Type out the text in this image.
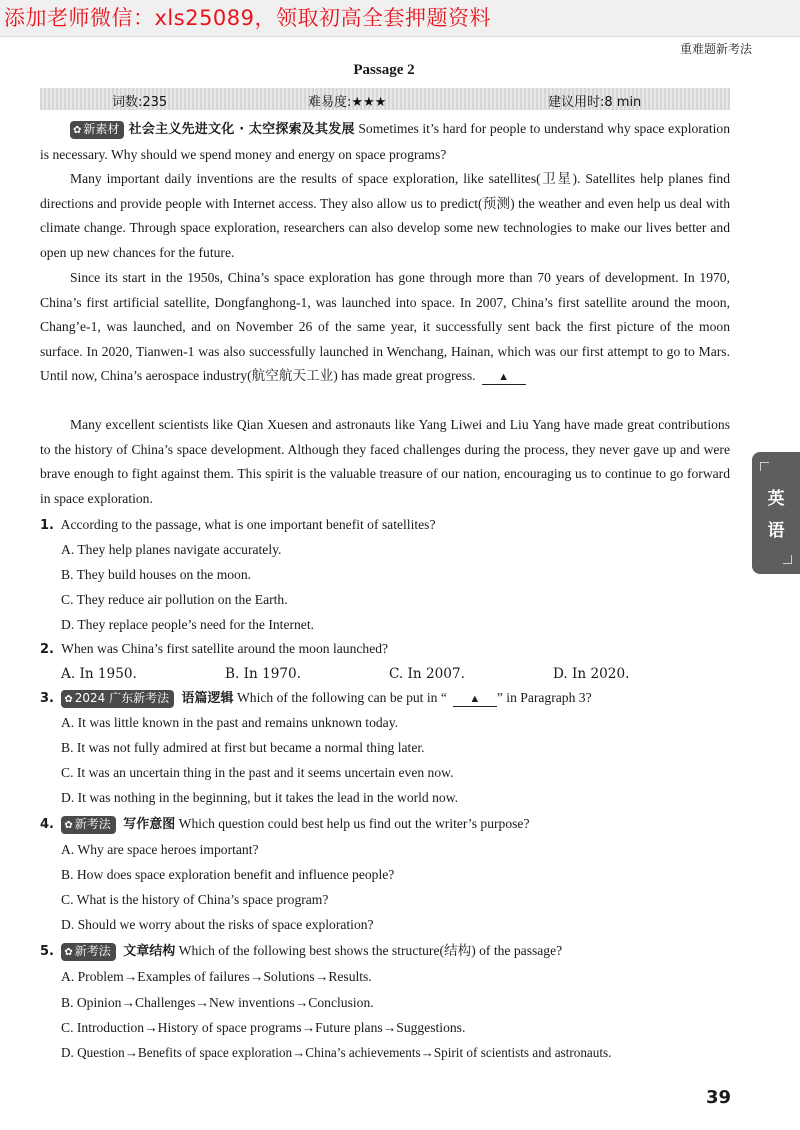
添加老师微信：xls25089，领取初高全套押题资料
重难题新考法
Passage 2
词数:235	难易度:★★★	建议用时:8 min
✿ 新素材 社会主义先进文化 · 太空探索及其发展 Sometimes it’s hard for people to understand why space exploration is necessary. Why should we spend money and energy on space programs?
Many important daily inventions are the results of space exploration, like satellites(卫星). Satellites help planes find directions and provide people with Internet access. They also allow us to predict(预测) the weather and even help us deal with climate change. Through space exploration, researchers can also develop some new technologies to make our lives better and open up new chances for the future.
Since its start in the 1950s, China’s space exploration has gone through more than 70 years of development. In 1970, China’s first artificial satellite, Dongfanghong-1, was launched into space. In 2007, China’s first satellite around the moon, Chang’e-1, was launched, and on November 26 of the same year, it successfully sent back the first picture of the moon surface. In 2020, Tianwen-1 was also successfully launched in Wenchang, Hainan, which was our first attempt to go to Mars. Until now, China’s aerospace industry(航空航天工业) has made great progress. ▲
Many excellent scientists like Qian Xuesen and astronauts like Yang Liwei and Liu Yang have made great contributions to the history of China’s space development. Although they faced challenges during the process, they never gave up and were brave enough to fight against them. This spirit is the valuable treasure of our nation, encouraging us to continue to go forward in space exploration.
1. According to the passage, what is one important benefit of satellites?
A. They help planes navigate accurately.
B. They build houses on the moon.
C. They reduce air pollution on the Earth.
D. They replace people’s need for the Internet.
2. When was China’s first satellite around the moon launched?
A. In 1950.	B. In 1970.	C. In 2007.	D. In 2020.
3. ✿ 2024 广东新考法 语篇逻辑 Which of the following can be put in “ ▲ ” in Paragraph 3?
A. It was little known in the past and remains unknown today.
B. It was not fully admired at first but became a normal thing later.
C. It was an uncertain thing in the past and it seems uncertain even now.
D. It was nothing in the beginning, but it takes the lead in the world now.
4. ✿ 新考法 写作意图 Which question could best help us find out the writer’s purpose?
A. Why are space heroes important?
B. How does space exploration benefit and influence people?
C. What is the history of China’s space program?
D. Should we worry about the risks of space exploration?
5. ✿ 新考法 文章结构 Which of the following best shows the structure(结构) of the passage?
A. Problem→Examples of failures→Solutions→Results.
B. Opinion→Challenges→New inventions→Conclusion.
C. Introduction→History of space programs→Future plans→Suggestions.
D. Question→Benefits of space exploration→China’s achievements→Spirit of scientists and astronauts.
英
语
39
